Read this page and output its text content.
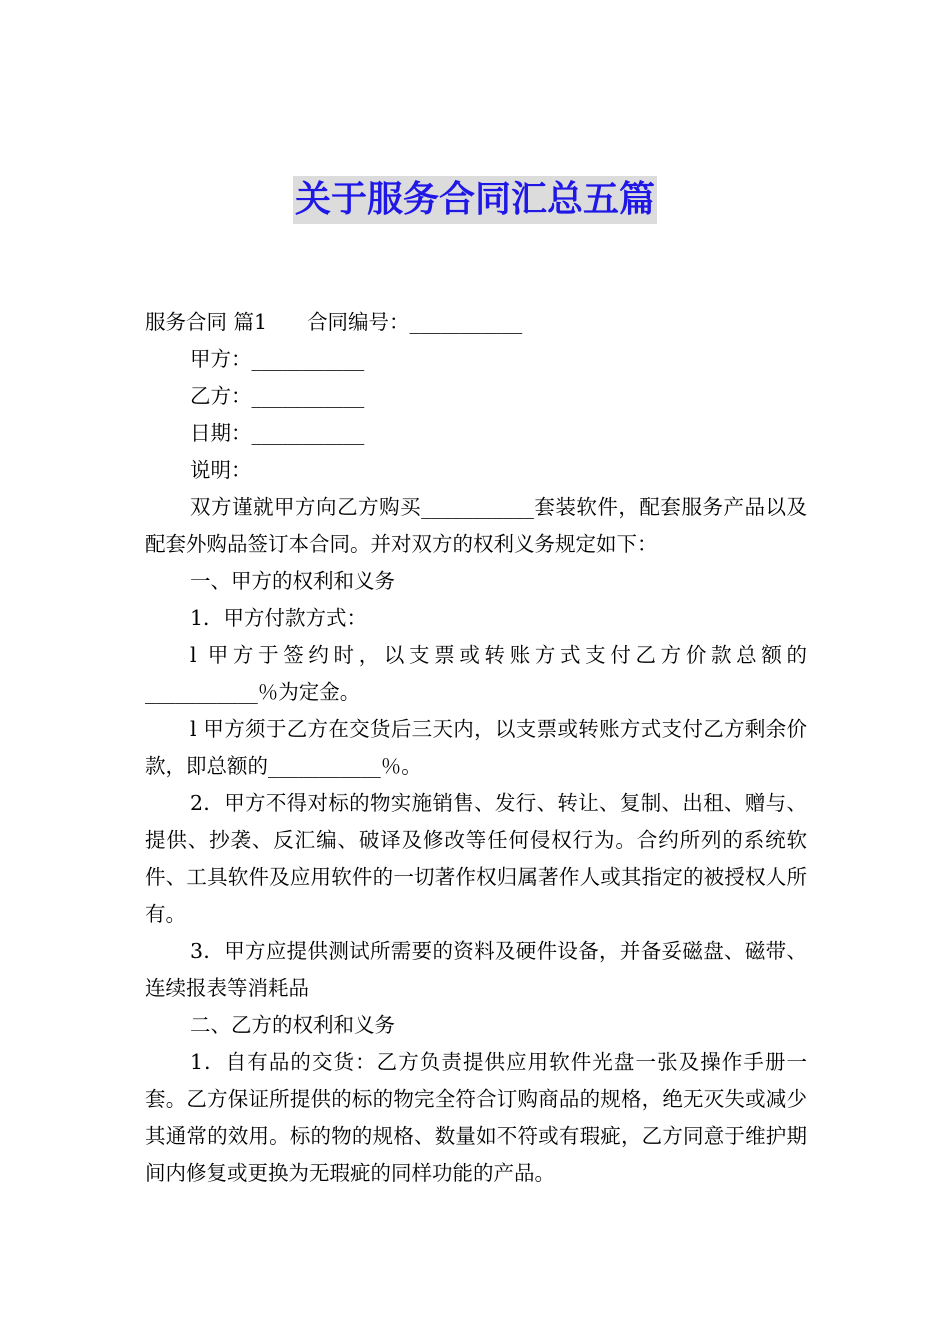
关于服务合同汇总五篇

服务合同 篇1 合同编号：___________

甲方：___________

乙方：___________

日期：___________

说明：

双方谨就甲方向乙方购买___________套装软件，配套服务产品以及配套外购品签订本合同。并对双方的权利义务规定如下：

一、甲方的权利和义务

1．甲方付款方式：

l 甲方于签约时，以支票或转账方式支付乙方价款总额的___________％为定金。

l 甲方须于乙方在交货后三天内，以支票或转账方式支付乙方剩余价款，即总额的___________％。

2．甲方不得对标的物实施销售、发行、转让、复制、出租、赠与、提供、抄袭、反汇编、破译及修改等任何侵权行为。合约所列的系统软件、工具软件及应用软件的一切著作权归属著作人或其指定的被授权人所有。

3．甲方应提供测试所需要的资料及硬件设备，并备妥磁盘、磁带、连续报表等消耗品

二、乙方的权利和义务

1．自有品的交货：乙方负责提供应用软件光盘一张及操作手册一套。乙方保证所提供的标的物完全符合订购商品的规格，绝无灭失或减少其通常的效用。标的物的规格、数量如不符或有瑕疵，乙方同意于维护期间内修复或更换为无瑕疵的同样功能的产品。
